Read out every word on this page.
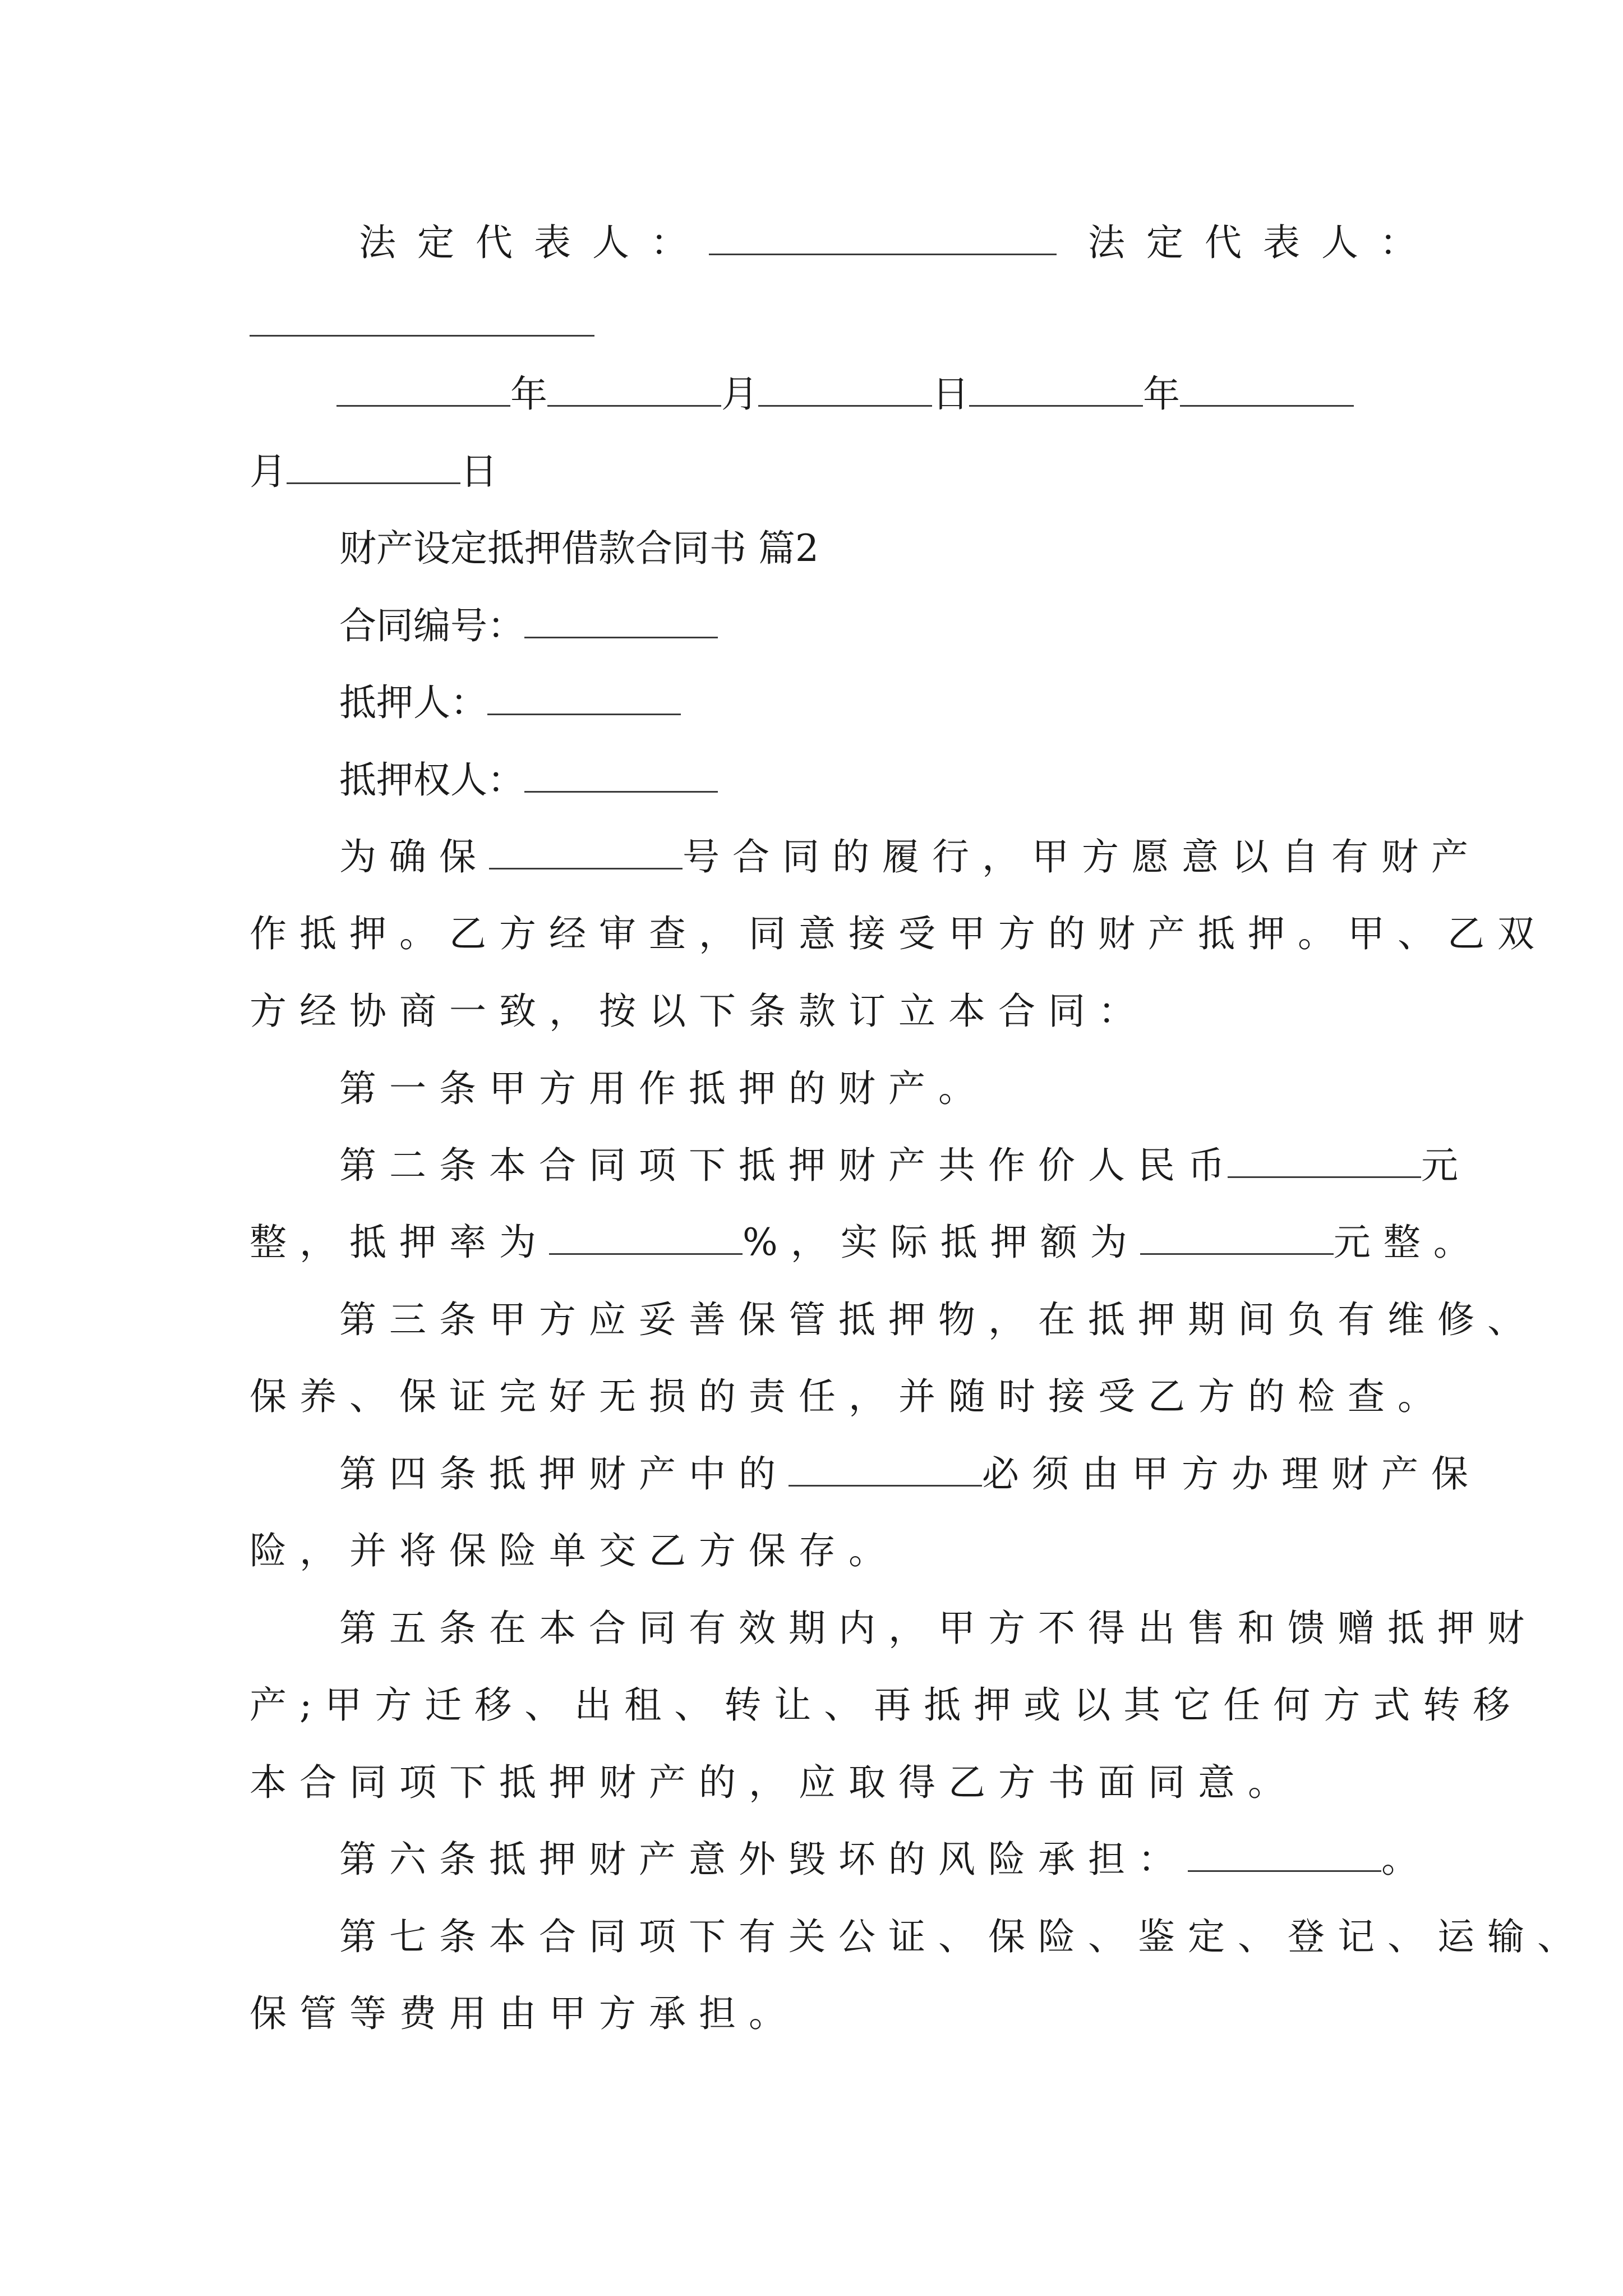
法定代表人：	法定代表人：
年	月	日	年
月	日
财产设定抵押借款合同书 篇2
合同编号：
抵押人：
抵押权人：
为确保	号合同的履行，甲方愿意以自有财产
作抵押。乙方经审查，同意接受甲方的财产抵押。甲、乙双
方经协商一致，按以下条款订立本合同：
第一条甲方用作抵押的财产。
第二条本合同项下抵押财产共作价人民币	元
整，抵押率为	%，实际抵押额为	元整。
第三条甲方应妥善保管抵押物，在抵押期间负有维修、
保养、保证完好无损的责任，并随时接受乙方的检查。
第四条抵押财产中的	必须由甲方办理财产保
险，并将保险单交乙方保存。
第五条在本合同有效期内，甲方不得出售和馈赠抵押财
产;甲方迁移、出租、转让、再抵押或以其它任何方式转移
本合同项下抵押财产的，应取得乙方书面同意。
第六条抵押财产意外毁坏的风险承担：	。
第七条本合同项下有关公证、保险、鉴定、登记、运输、
保管等费用由甲方承担。
